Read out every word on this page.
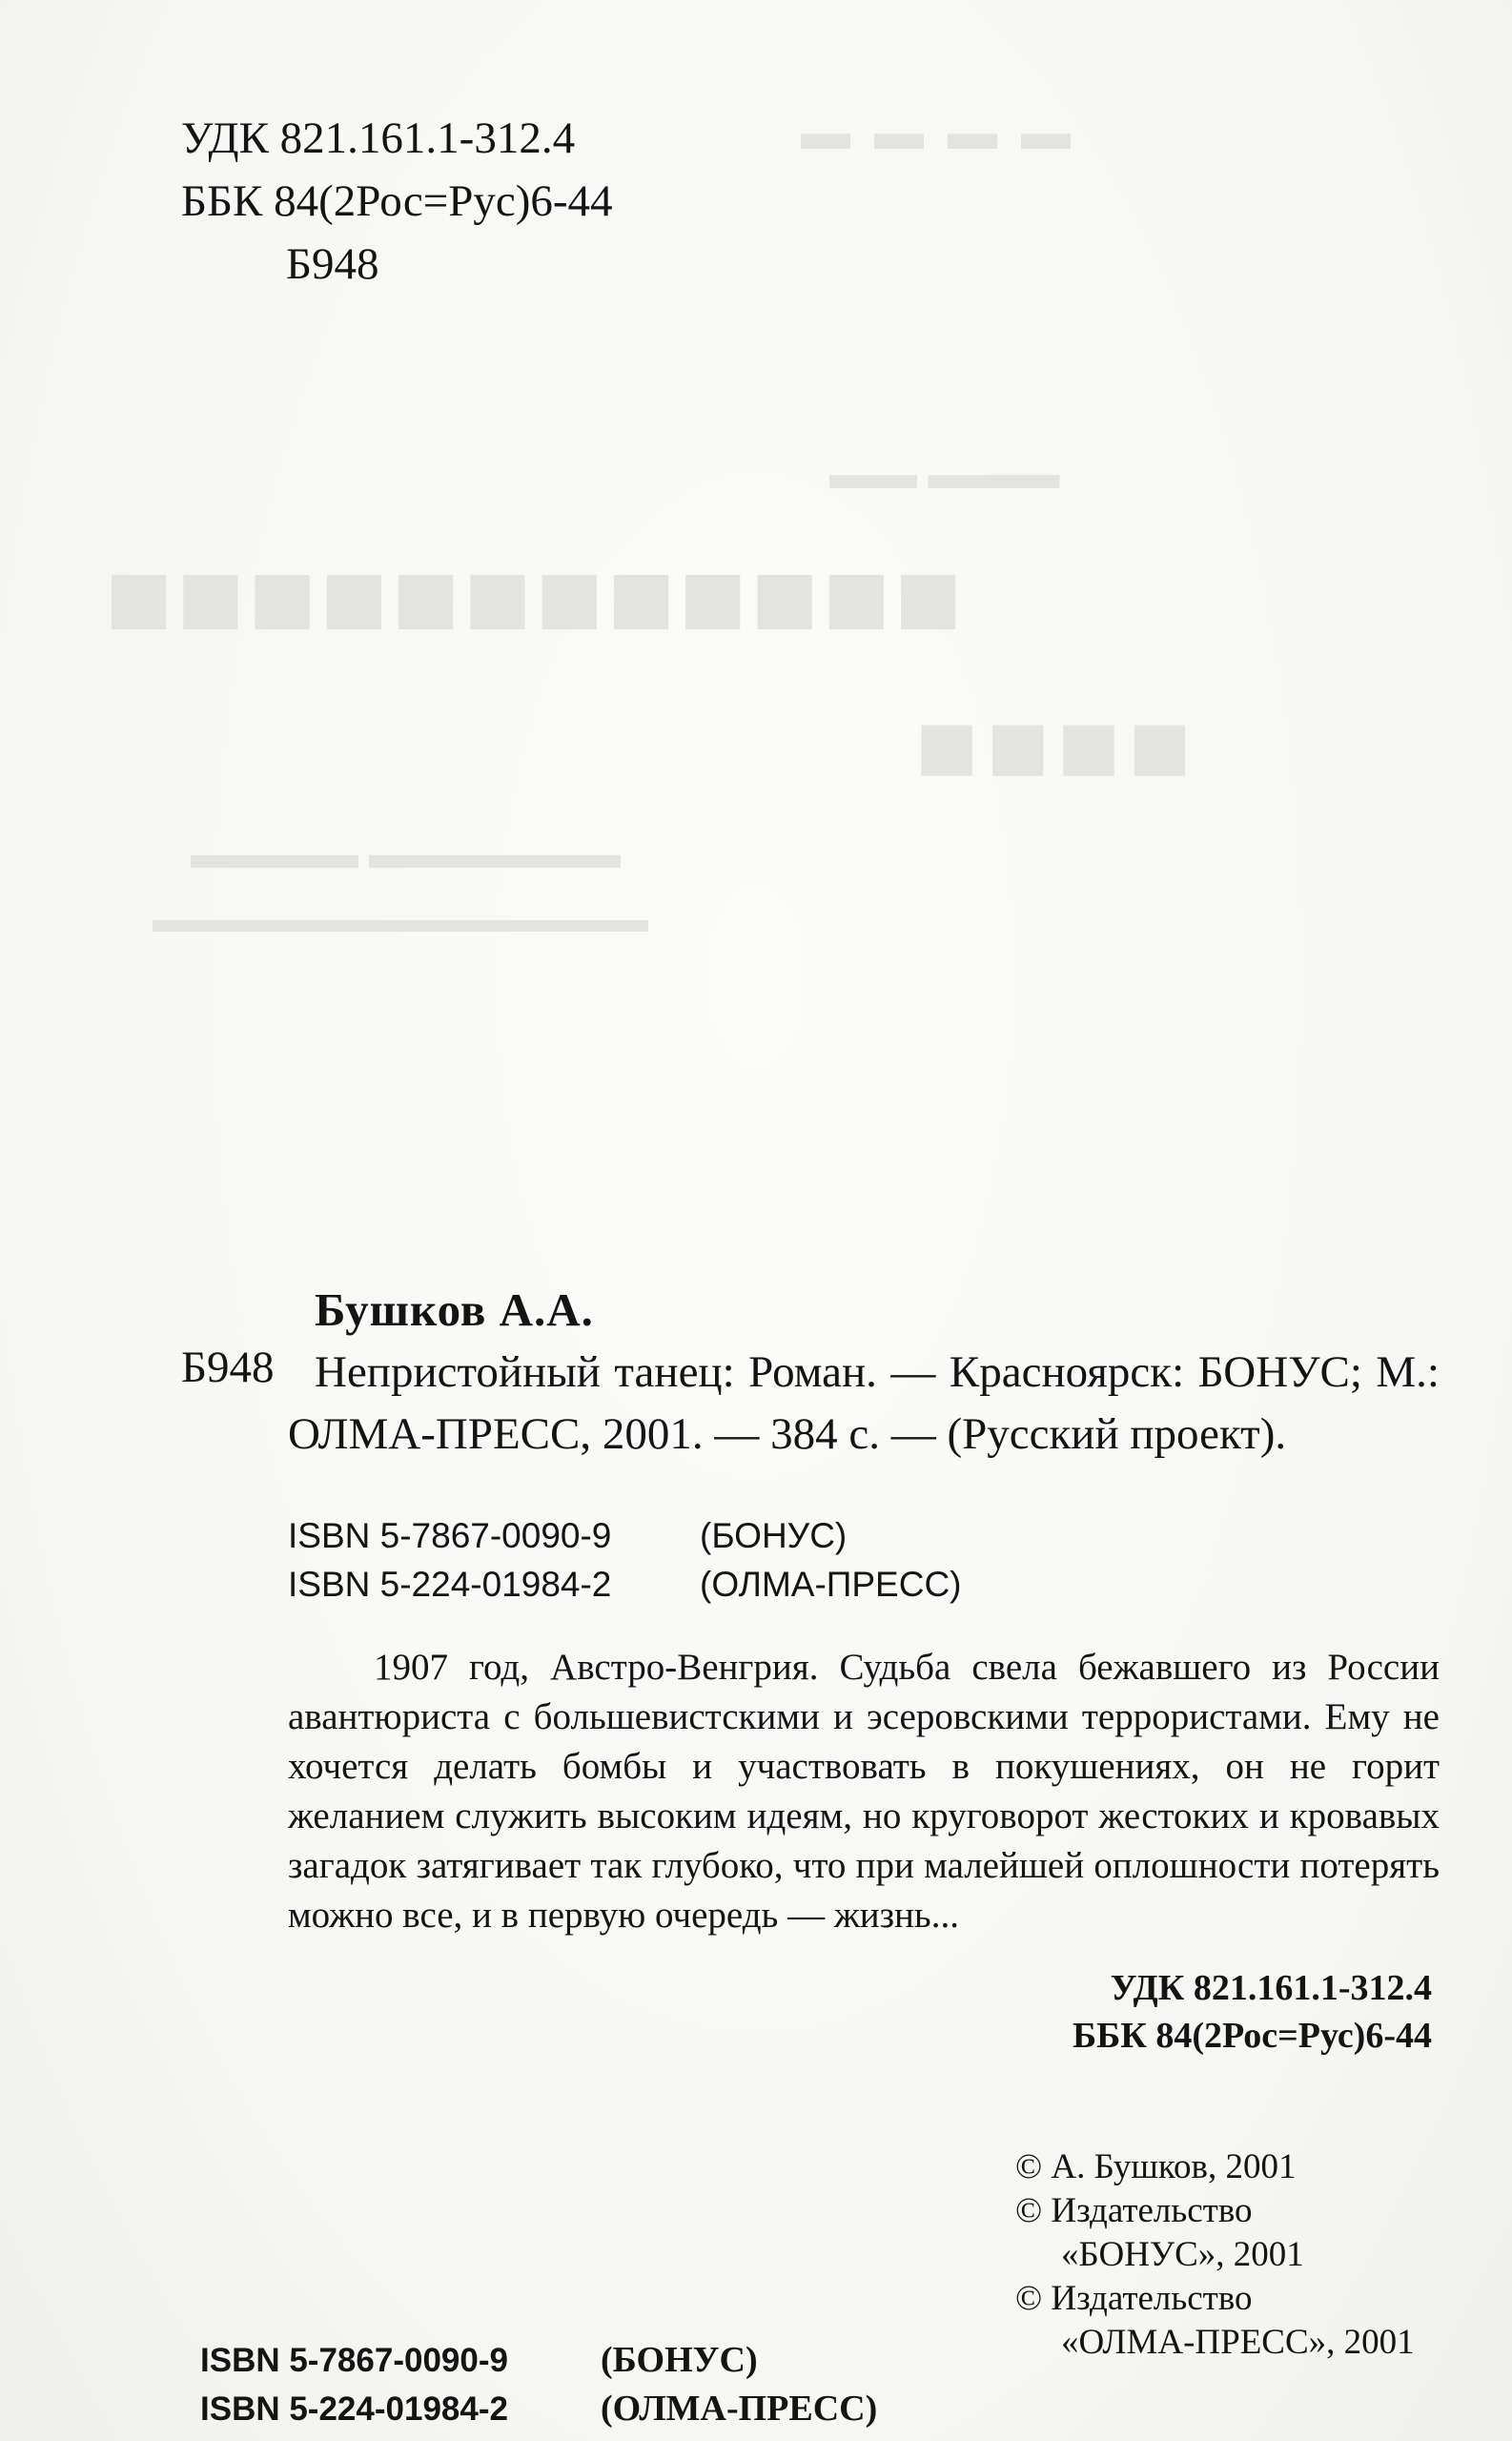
▬ ▬ ▬ ▬
▬▬ ▬▬▬
■■■■■■■■■■■■
■■■■
▬▬▬▬ ▬▬▬▬▬▬
▬▬▬▬▬▬▬▬▬▬▬▬▬
УДК 821.161.1-312.4
ББК 84(2Рос=Рус)6-44
Б948
Бушков А.А.
Б948 Непристойный танец: Роман. — Красноярск: БОНУС; М.: ОЛМА-ПРЕСС, 2001. — 384 с. — (Русский проект).
ISBN 5-7867-0090-9	(БОНУС)
ISBN 5-224-01984-2	(ОЛМА-ПРЕСС)
1907 год, Австро-Венгрия. Судьба свела бежавшего из России авантюриста с большевистскими и эсеровскими террористами. Ему не хочется делать бомбы и участвовать в покушениях, он не горит желанием служить высоким идеям, но круговорот жестоких и кровавых загадок затягивает так глубоко, что при малейшей оплошности потерять можно все, и в первую очередь — жизнь...
УДК 821.161.1-312.4
ББК 84(2Рос=Рус)6-44
© А. Бушков, 2001
© Издательство
«БОНУС», 2001
© Издательство
«ОЛМА-ПРЕСС», 2001
ISBN 5-7867-0090-9	(БОНУС)
ISBN 5-224-01984-2	(ОЛМА-ПРЕСС)
